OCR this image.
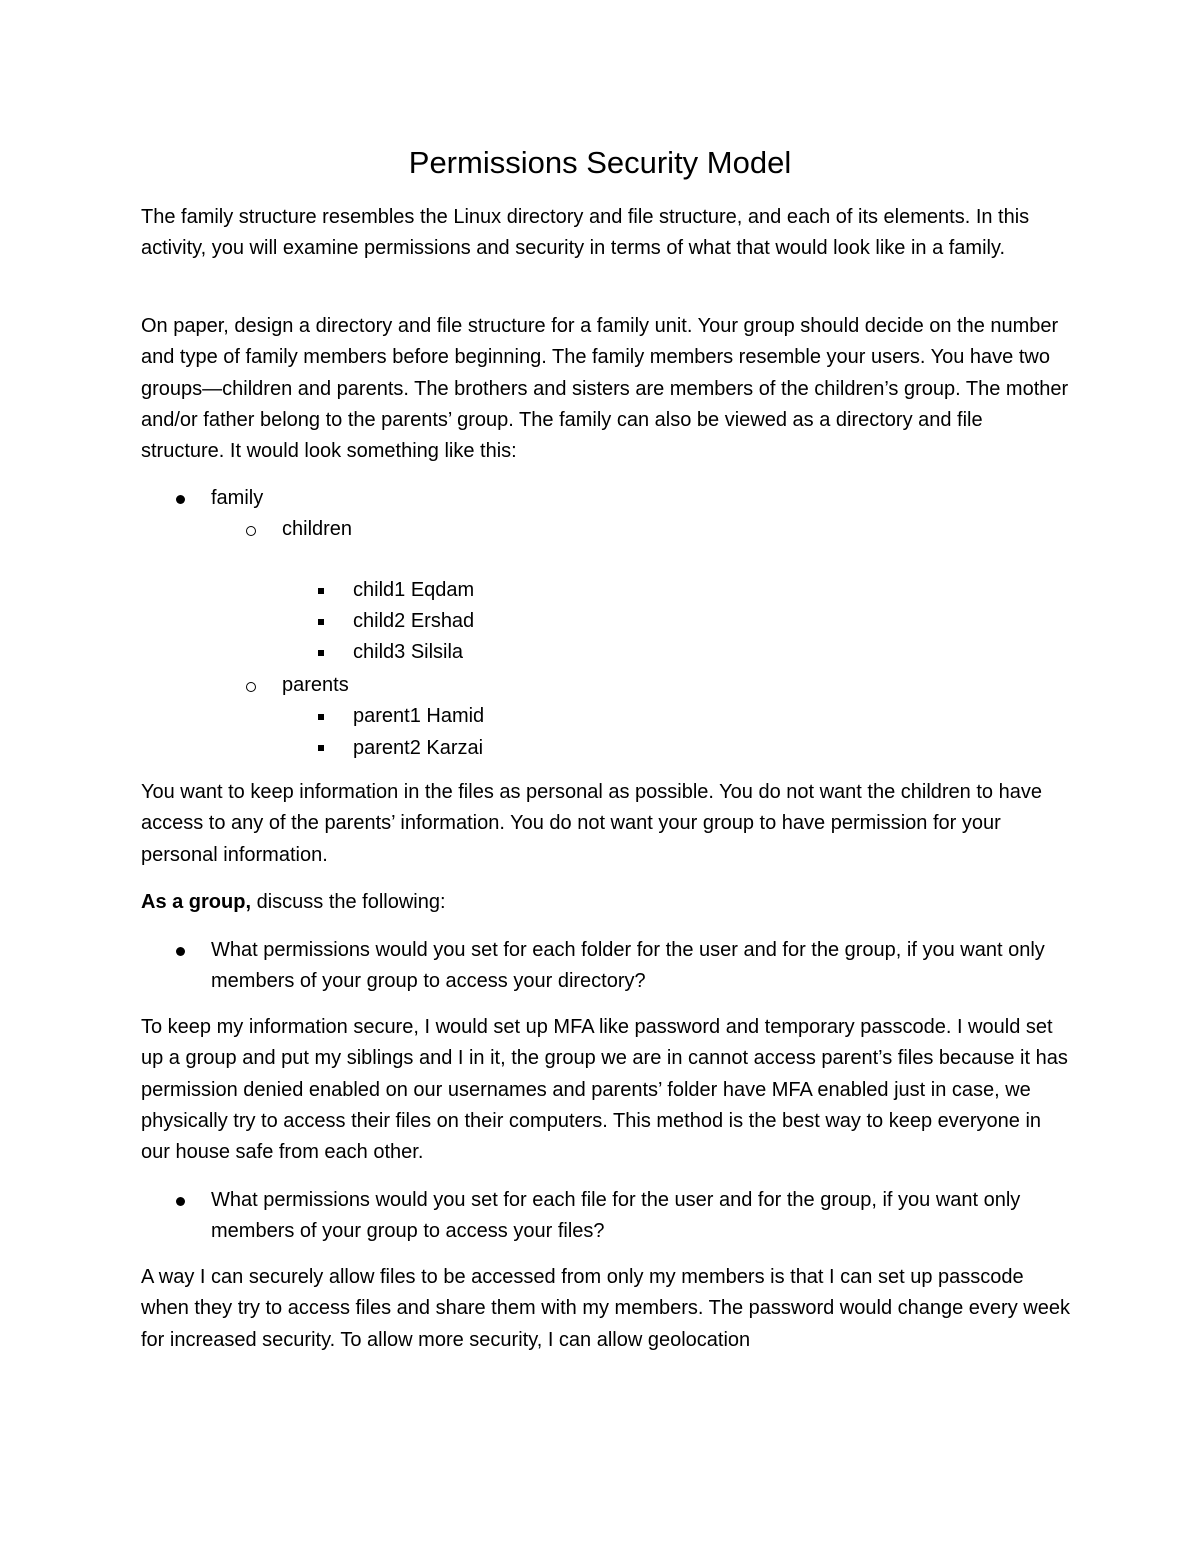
Permissions Security Model

The family structure resembles the Linux directory and file structure, and each of its elements. In this activity, you will examine permissions and security in terms of what that would look like in a family.

On paper, design a directory and file structure for a family unit. Your group should decide on the number and type of family members before beginning. The family members resemble your users. You have two groups—children and parents. The brothers and sisters are members of the children’s group. The mother and/or father belong to the parents’ group. The family can also be viewed as a directory and file structure. It would look something like this:

family

children

child1 Eqdam

child2 Ershad

child3 Silsila

parents

parent1 Hamid

parent2 Karzai

You want to keep information in the files as personal as possible. You do not want the children to have access to any of the parents’ information. You do not want your group to have permission for your personal information.

As a group, discuss the following:

What permissions would you set for each folder for the user and for the group, if you want only members of your group to access your directory?

To keep my information secure, I would set up MFA like password and temporary passcode. I would set up a group and put my siblings and I in it, the group we are in cannot access parent’s files because it has permission denied enabled on our usernames and parents’ folder have MFA enabled just in case, we physically try to access their files on their computers. This method is the best way to keep everyone in our house safe from each other.

What permissions would you set for each file for the user and for the group, if you want only members of your group to access your files?

A way I can securely allow files to be accessed from only my members is that I can set up passcode when they try to access files and share them with my members. The password would change every week for increased security. To allow more security, I can allow geolocation
